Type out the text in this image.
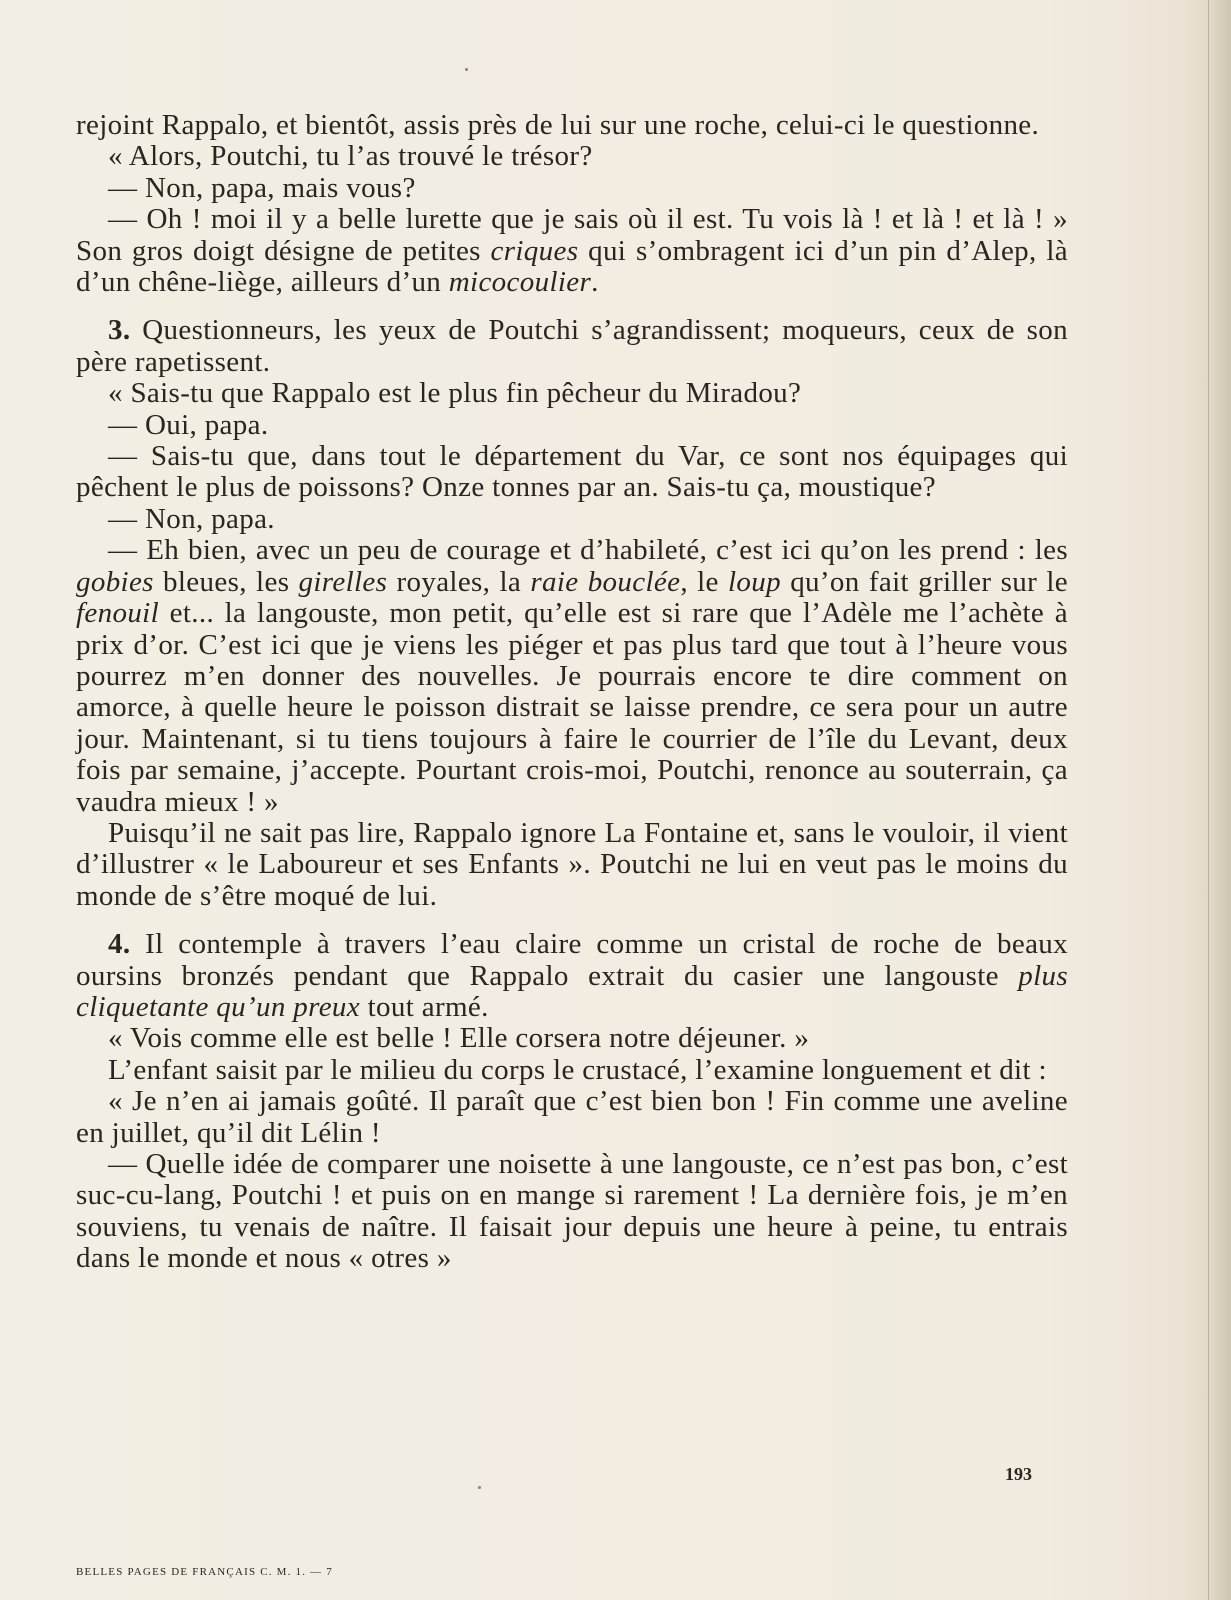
rejoint Rappalo, et bientôt, assis près de lui sur une roche, celui-ci le questionne.

« Alors, Poutchi, tu l’as trouvé le trésor?

— Non, papa, mais vous?

— Oh ! moi il y a belle lurette que je sais où il est. Tu vois là ! et là ! et là ! » Son gros doigt désigne de petites criques qui s’ombragent ici d’un pin d’Alep, là d’un chêne-liège, ailleurs d’un micocoulier.

3. Questionneurs, les yeux de Poutchi s’agrandissent; moqueurs, ceux de son père rapetissent.

« Sais-tu que Rappalo est le plus fin pêcheur du Miradou?

— Oui, papa.

— Sais-tu que, dans tout le département du Var, ce sont nos équipages qui pêchent le plus de poissons? Onze tonnes par an. Sais-tu ça, moustique?

— Non, papa.

— Eh bien, avec un peu de courage et d’habileté, c’est ici qu’on les prend : les gobies bleues, les girelles royales, la raie bouclée, le loup qu’on fait griller sur le fenouil et... la langouste, mon petit, qu’elle est si rare que l’Adèle me l’achète à prix d’or. C’est ici que je viens les piéger et pas plus tard que tout à l’heure vous pourrez m’en donner des nouvelles. Je pourrais encore te dire comment on amorce, à quelle heure le poisson distrait se laisse prendre, ce sera pour un autre jour. Maintenant, si tu tiens toujours à faire le courrier de l’île du Levant, deux fois par semaine, j’accepte. Pourtant crois-moi, Poutchi, renonce au souterrain, ça vaudra mieux ! »

Puisqu’il ne sait pas lire, Rappalo ignore La Fontaine et, sans le vouloir, il vient d’illustrer « le Laboureur et ses Enfants ». Poutchi ne lui en veut pas le moins du monde de s’être moqué de lui.

4. Il contemple à travers l’eau claire comme un cristal de roche de beaux oursins bronzés pendant que Rappalo extrait du casier une langouste plus cliquetante qu’un preux tout armé.

« Vois comme elle est belle ! Elle corsera notre déjeuner. »

L’enfant saisit par le milieu du corps le crustacé, l’examine longuement et dit :

« Je n’en ai jamais goûté. Il paraît que c’est bien bon ! Fin comme une aveline en juillet, qu’il dit Lélin !

— Quelle idée de comparer une noisette à une langouste, ce n’est pas bon, c’est suc-cu-lang, Poutchi ! et puis on en mange si rarement ! La dernière fois, je m’en souviens, tu venais de naître. Il faisait jour depuis une heure à peine, tu entrais dans le monde et nous « otres »

193
BELLES PAGES DE FRANÇAIS C. M. 1. — 7
